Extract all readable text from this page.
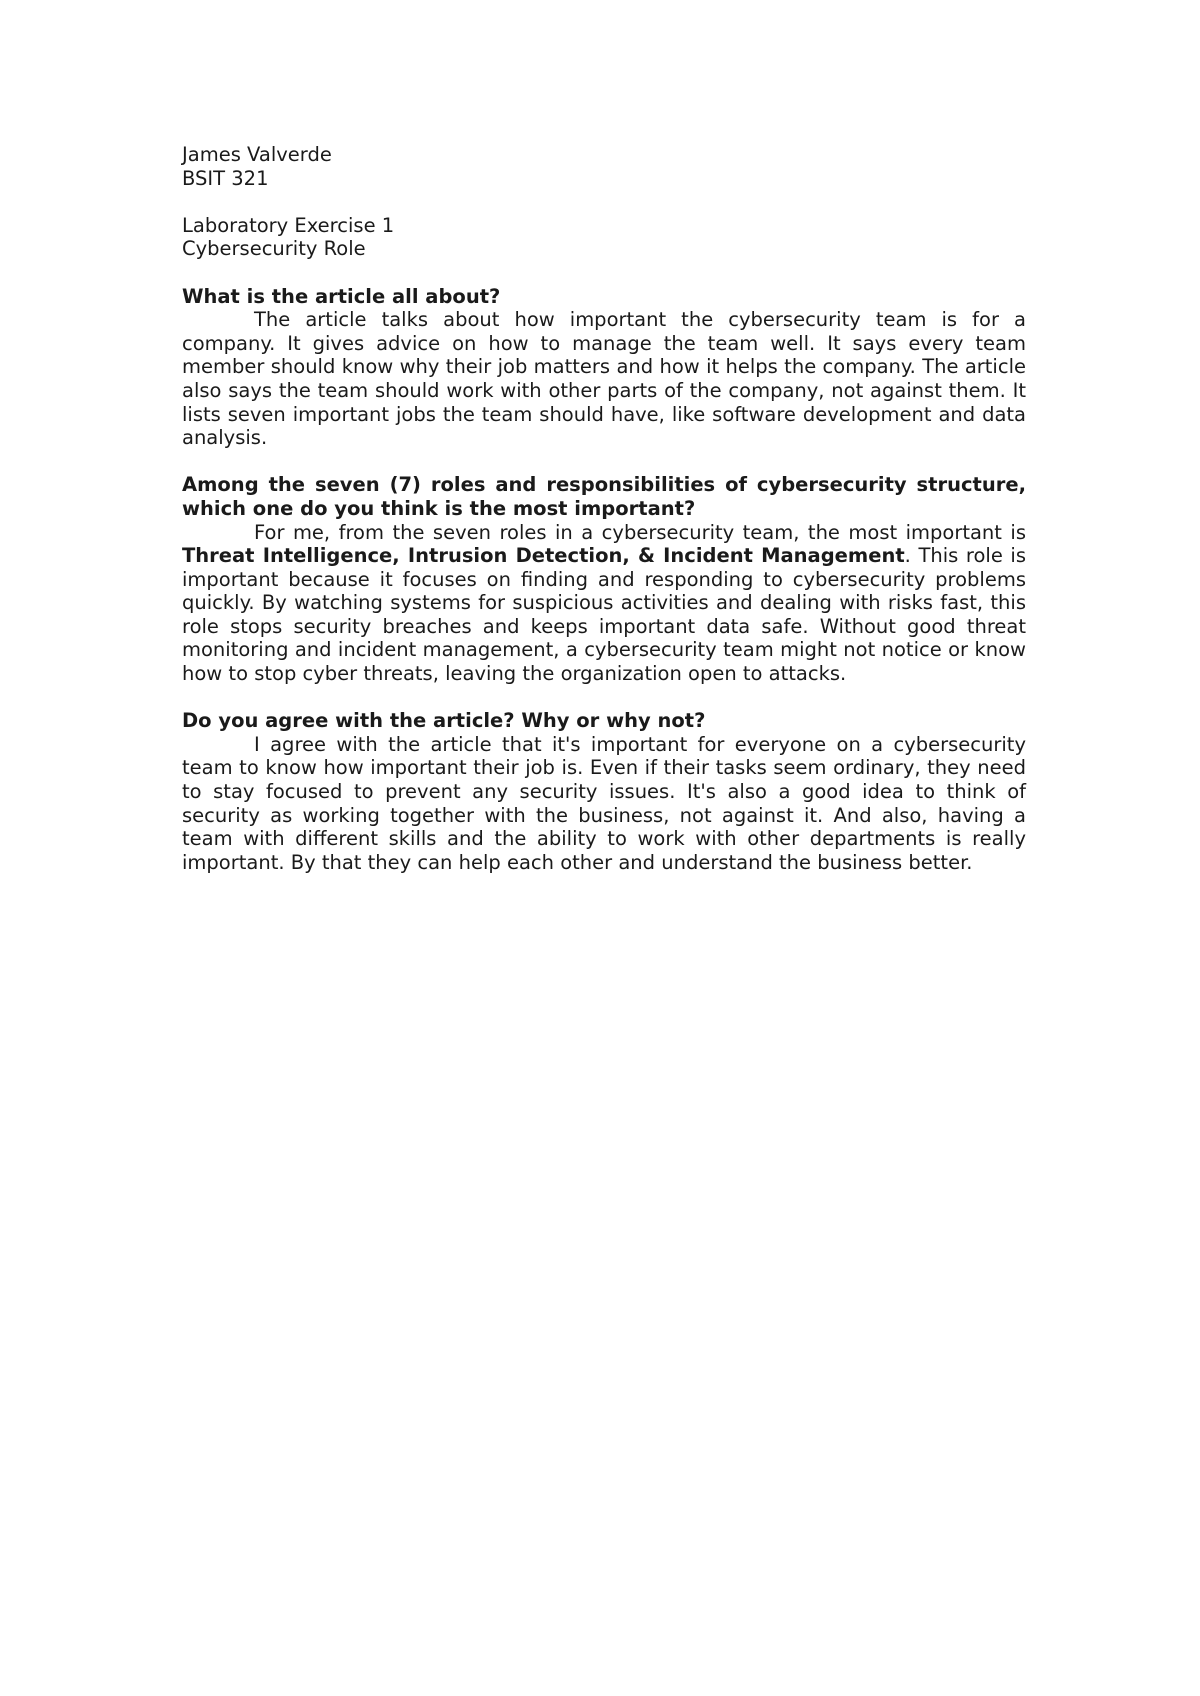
James Valverde

BSIT 321

Laboratory Exercise 1

Cybersecurity Role

What is the article all about?

The article talks about how important the cybersecurity team is for a company. It gives advice on how to manage the team well. It says every team member should know why their job matters and how it helps the company. The article also says the team should work with other parts of the company, not against them. It lists seven important jobs the team should have, like software development and data analysis.

Among the seven (7) roles and responsibilities of cybersecurity structure, which one do you think is the most important?

For me, from the seven roles in a cybersecurity team, the most important is Threat Intelligence, Intrusion Detection, & Incident Management. This role is important because it focuses on finding and responding to cybersecurity problems quickly. By watching systems for suspicious activities and dealing with risks fast, this role stops security breaches and keeps important data safe. Without good threat monitoring and incident management, a cybersecurity team might not notice or know how to stop cyber threats, leaving the organization open to attacks.

Do you agree with the article? Why or why not?

I agree with the article that it's important for everyone on a cybersecurity team to know how important their job is. Even if their tasks seem ordinary, they need to stay focused to prevent any security issues. It's also a good idea to think of security as working together with the business, not against it. And also, having a team with different skills and the ability to work with other departments is really important. By that they can help each other and understand the business better.
